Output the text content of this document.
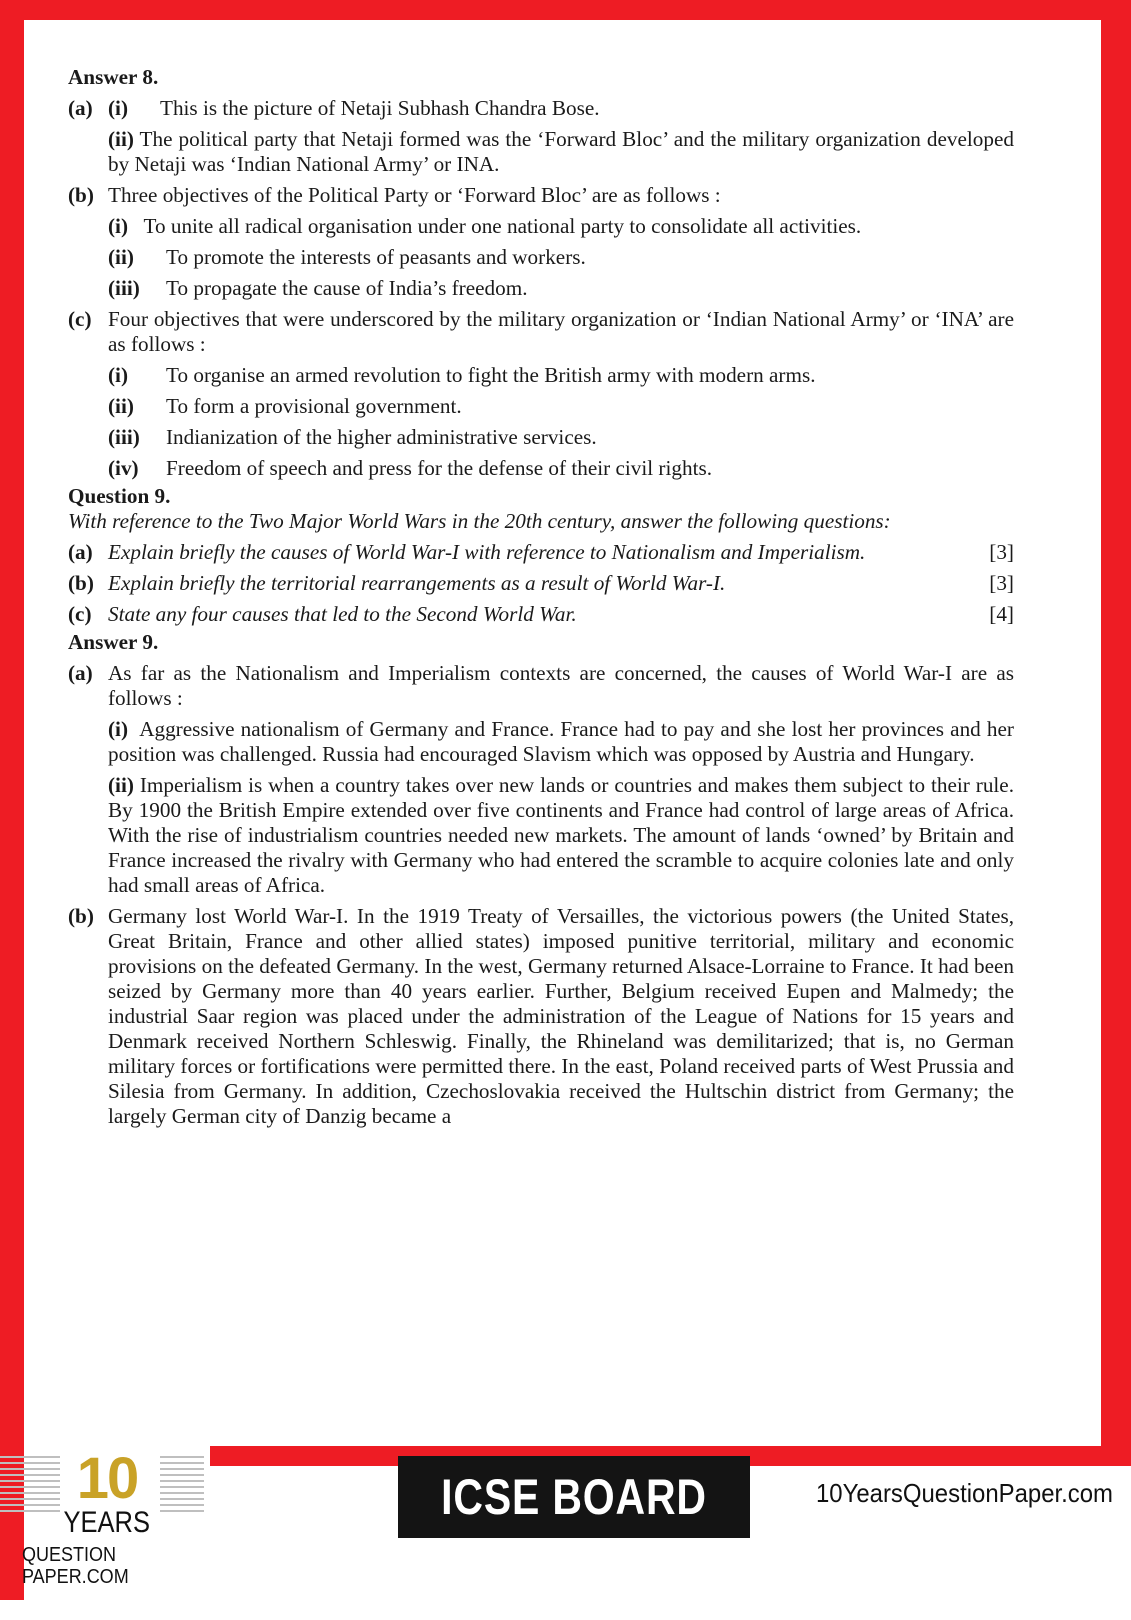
Answer 8.
(a) (i)	This is the picture of Netaji Subhash Chandra Bose.
(ii) The political party that Netaji formed was the ‘Forward Bloc’ and the military organization developed by Netaji was ‘Indian National Army’ or INA.
(b) Three objectives of the Political Party or ‘Forward Bloc’ are as follows :
(i) To unite all radical organisation under one national party to consolidate all activities.
(ii)	To promote the interests of peasants and workers.
(iii)	To propagate the cause of India’s freedom.
(c) Four objectives that were underscored by the military organization or ‘Indian National Army’ or ‘INA’ are as follows :
(i)	To organise an armed revolution to fight the British army with modern arms.
(ii)	To form a provisional government.
(iii)	Indianization of the higher administrative services.
(iv)	Freedom of speech and press for the defense of their civil rights.
Question 9.
With reference to the Two Major World Wars in the 20th century, answer the following questions:
(a) Explain briefly the causes of World War-I with reference to Nationalism and Imperialism.	[3]
(b) Explain briefly the territorial rearrangements as a result of World War-I.	[3]
(c) State any four causes that led to the Second World War.	[4]
Answer 9.
(a) As far as the Nationalism and Imperialism contexts are concerned, the causes of World War-I are as follows :
(i) Aggressive nationalism of Germany and France. France had to pay and she lost her provinces and her position was challenged. Russia had encouraged Slavism which was opposed by Austria and Hungary.
(ii) Imperialism is when a country takes over new lands or countries and makes them subject to their rule. By 1900 the British Empire extended over five continents and France had control of large areas of Africa. With the rise of industrialism countries needed new markets. The amount of lands ‘owned’ by Britain and France increased the rivalry with Germany who had entered the scramble to acquire colonies late and only had small areas of Africa.
(b) Germany lost World War-I. In the 1919 Treaty of Versailles, the victorious powers (the United States, Great Britain, France and other allied states) imposed punitive territorial, military and economic provisions on the defeated Germany. In the west, Germany returned Alsace-Lorraine to France. It had been seized by Germany more than 40 years earlier. Further, Belgium received Eupen and Malmedy; the industrial Saar region was placed under the administration of the League of Nations for 15 years and Denmark received Northern Schleswig. Finally, the Rhineland was demilitarized; that is, no German military forces or fortifications were permitted there. In the east, Poland received parts of West Prussia and Silesia from Germany. In addition, Czechoslovakia received the Hultschin district from Germany; the largely German city of Danzig became a
10
YEARS
QUESTION PAPER.COM
ICSE BOARD X
10YearsQuestionPaper.com
